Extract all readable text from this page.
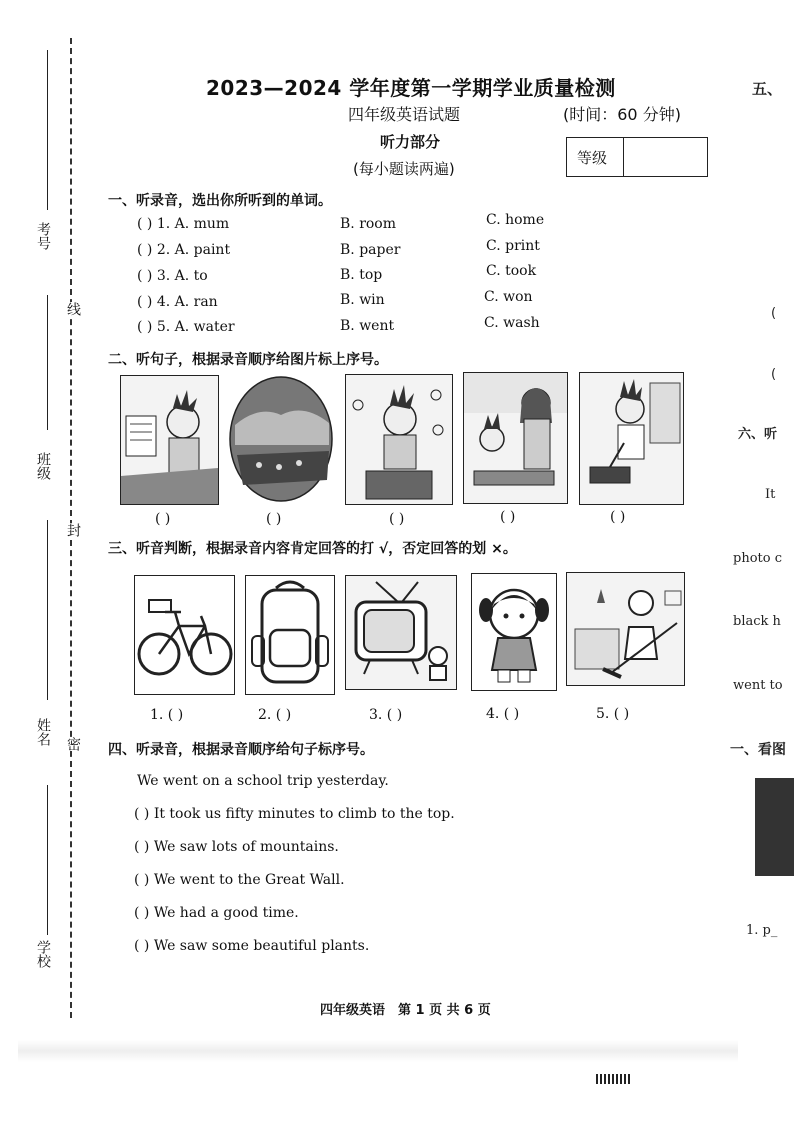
考号
线
班级
封
姓名 密
学校
2023—2024 学年度第一学期学业质量检测
四年级英语试题	(时间：60 分钟)
听力部分
(每小题读两遍)
等级
一、听录音，选出你所听到的单词。
( ) 1. A. mum	B. room	C. home
( ) 2. A. paint	B. paper	C. print
( ) 3. A. to	B. top	C. took
( ) 4. A. ran	B. win	C. won
( ) 5. A. water	B. went	C. wash
二、听句子，根据录音顺序给图片标上序号。
( )	( )	( )	( )	( )
三、听音判断，根据录音内容肯定回答的打 √，否定回答的划 ×。
1. ( )	2. ( )	3. ( )	4. ( )	5. ( )
四、听录音，根据录音顺序给句子标序号。
We went on a school trip yesterday.
( ) It took us fifty minutes to climb to the top.
( ) We saw lots of mountains.
( ) We went to the Great Wall.
( ) We had a good time.
( ) We saw some beautiful plants.
四年级英语　第 1 页 共 6 页
五、
(
(
六、听
It
photo c
black h
went to
一、看图
1. p_
